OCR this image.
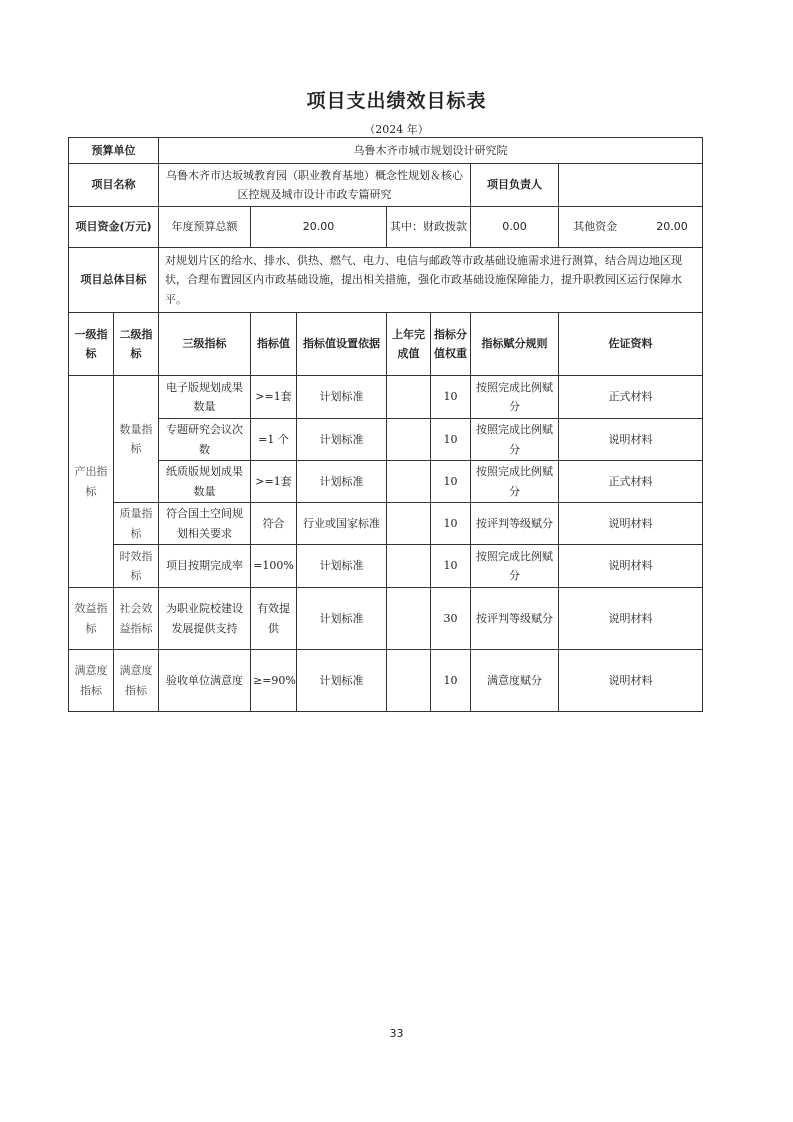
项目支出绩效目标表
（2024 年）
预算单位		乌鲁木齐市城市规划设计研究院						
项目名称		乌鲁木齐市达坂城教育园（职业教育基地）概念性规划＆核心区控规及城市设计市政专篇研究					项目负责人	
项目资金(万元)		年度预算总额	20.00		其中：财政拨款		0.00	其他资金 20.00
项目总体目标		对规划片区的给水、排水、供热、燃气、电力、电信与邮政等市政基础设施需求进行测算，结合周边地区现状，合理布置园区内市政基础设施，提出相关措施，强化市政基础设施保障能力，提升职教园区运行保障水平。						
一级指标	二级指标	三级指标	指标值	指标值设置依据	上年完成值	指标分值权重	指标赋分规则	佐证资料
产出指标	数量指标	电子版规划成果数量	>=1套	计划标准		10	按照完成比例赋分	正式材料
		专题研究会议次数	=1 个	计划标准		10	按照完成比例赋分	说明材料
		纸质版规划成果数量	>=1套	计划标准		10	按照完成比例赋分	正式材料
	质量指标	符合国土空间规划相关要求	符合	行业或国家标准		10	按评判等级赋分	说明材料
	时效指标	项目按期完成率	=100%	计划标准		10	按照完成比例赋分	说明材料
效益指标	社会效益指标	为职业院校建设发展提供支持	有效提供	计划标准		30	按评判等级赋分	说明材料
满意度指标	满意度指标	验收单位满意度	≥=90%	计划标准		10	满意度赋分	说明材料
33
